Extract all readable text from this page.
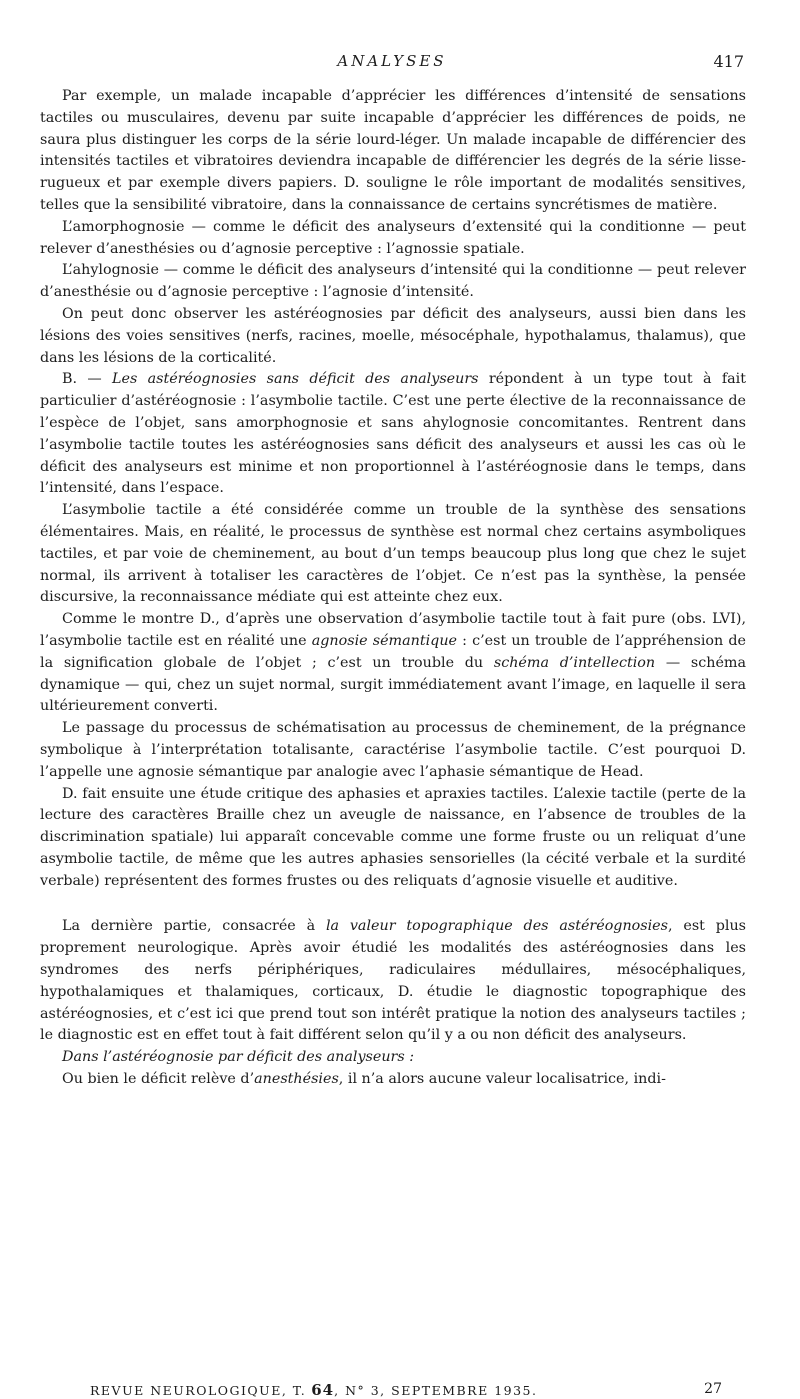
ANALYSES	417

Par exemple, un malade incapable d’apprécier les différences d’intensité de sensations tactiles ou musculaires, devenu par suite incapable d’apprécier les différences de poids, ne saura plus distinguer les corps de la série lourd-léger. Un malade incapable de différencier des intensités tactiles et vibratoires deviendra incapable de différencier les degrés de la série lisse-rugueux et par exemple divers papiers. D. souligne le rôle important de modalités sensitives, telles que la sensibilité vibratoire, dans la connaissance de certains syncrétismes de matière.

L’amorphognosie — comme le déficit des analyseurs d’extensité qui la conditionne — peut relever d’anesthésies ou d’agnosie perceptive : l’agnossie spatiale.

L’ahylognosie — comme le déficit des analyseurs d’intensité qui la conditionne — peut relever d’anesthésie ou d’agnosie perceptive : l’agnosie d’intensité.

On peut donc observer les astéréognosies par déficit des analyseurs, aussi bien dans les lésions des voies sensitives (nerfs, racines, moelle, mésocéphale, hypothalamus, thalamus), que dans les lésions de la corticalité.

B. — Les astéréognosies sans déficit des analyseurs répondent à un type tout à fait particulier d’astéréognosie : l’asymbolie tactile. C’est une perte élective de la reconnaissance de l’espèce de l’objet, sans amorphognosie et sans ahylognosie concomitantes. Rentrent dans l’asymbolie tactile toutes les astéréognosies sans déficit des analyseurs et aussi les cas où le déficit des analyseurs est minime et non proportionnel à l’astéréognosie dans le temps, dans l’intensité, dans l’espace.

L’asymbolie tactile a été considérée comme un trouble de la synthèse des sensations élémentaires. Mais, en réalité, le processus de synthèse est normal chez certains asymboliques tactiles, et par voie de cheminement, au bout d’un temps beaucoup plus long que chez le sujet normal, ils arrivent à totaliser les caractères de l’objet. Ce n’est pas la synthèse, la pensée discursive, la reconnaissance médiate qui est atteinte chez eux.

Comme le montre D., d’après une observation d’asymbolie tactile tout à fait pure (obs. LVI), l’asymbolie tactile est en réalité une agnosie sémantique : c’est un trouble de l’appréhension de la signification globale de l’objet ; c’est un trouble du schéma d’intellection — schéma dynamique — qui, chez un sujet normal, surgit immédiatement avant l’image, en laquelle il sera ultérieurement converti.

Le passage du processus de schématisation au processus de cheminement, de la prégnance symbolique à l’interprétation totalisante, caractérise l’asymbolie tactile. C’est pourquoi D. l’appelle une agnosie sémantique par analogie avec l’aphasie sémantique de Head.

D. fait ensuite une étude critique des aphasies et apraxies tactiles. L’alexie tactile (perte de la lecture des caractères Braille chez un aveugle de naissance, en l’absence de troubles de la discrimination spatiale) lui apparaît concevable comme une forme fruste ou un reliquat d’une asymbolie tactile, de même que les autres aphasies sensorielles (la cécité verbale et la surdité verbale) représentent des formes frustes ou des reliquats d’agnosie visuelle et auditive.

La dernière partie, consacrée à la valeur topographique des astéréognosies, est plus proprement neurologique. Après avoir étudié les modalités des astéréognosies dans les syndromes des nerfs périphériques, radiculaires médullaires, mésocéphaliques, hypothalamiques et thalamiques, corticaux, D. étudie le diagnostic topographique des astéréognosies, et c’est ici que prend tout son intérêt pratique la notion des analyseurs tactiles ; le diagnostic est en effet tout à fait différent selon qu’il y a ou non déficit des analyseurs.

Dans l’astéréognosie par déficit des analyseurs :

Ou bien le déficit relève d’anesthésies, il n’a alors aucune valeur localisatrice, indi-

REVUE NEUROLOGIQUE, T. 64, N° 3, SEPTEMBRE 1935.	27
